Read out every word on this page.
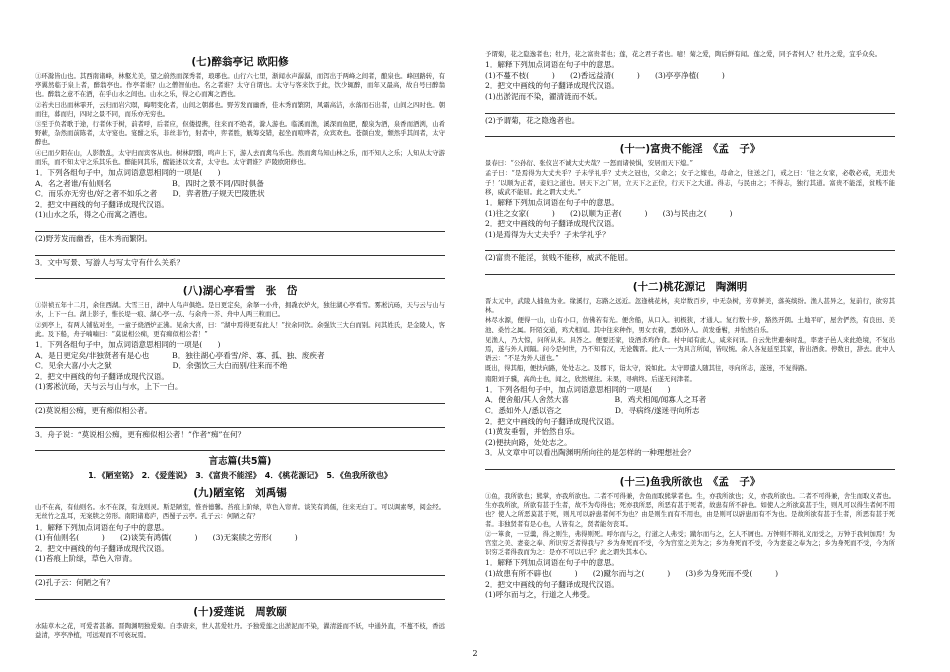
(七)醉翁亭记 欧阳修

①环滁皆山也。其西南诸峰，林壑尤美，望之蔚然而深秀者，琅琊也。山行六七里，渐闻水声潺潺，而泻出于两峰之间者，酿泉也。峰回路转，有亭翼然临于泉上者，醉翁亭也。作亭者谁？山之僧智仙也。名之者谁？太守自谓也。太守与客来饮于此，饮少辄醉，而年又最高，故自号曰醉翁也。醉翁之意不在酒，在乎山水之间也。山水之乐，得之心而寓之酒也。

②若夫日出而林霏开，云归而岩穴暝，晦明变化者，山间之朝暮也。野芳发而幽香，佳木秀而繁阴，风霜高洁，水落而石出者，山间之四时也。朝而往，暮而归，四时之景不同，而乐亦无穷也。

③至于负者歌于途，行者休于树，前者呼，后者应，伛偻提携，往来而不绝者，滁人游也。临溪而渔，溪深而鱼肥，酿泉为酒，泉香而酒洌，山肴野蔌，杂然而前陈者，太守宴也。宴酣之乐，非丝非竹，射者中，弈者胜，觥筹交错，起坐而喧哗者，众宾欢也。苍颜白发，颓然乎其间者，太守醉也。

④已而夕阳在山，人影散乱，太守归而宾客从也。树林阴翳，鸣声上下，游人去而禽鸟乐也。然而禽鸟知山林之乐，而不知人之乐；人知从太守游而乐，而不知太守之乐其乐也。醉能同其乐，醒能述以文者，太守也。太守谓谁？庐陵欧阳修也。

1．下列各组句子中，加点词语意思相同的一项是(　　)

A．名之者谁/有仙则名　　　　　　　　B．四时之景不同/四时俱备

C．而乐亦无穷也/好之者不如乐之者　　D．弈者胜/子规天巴陵胜状

2．把文中画线的句子翻译成现代汉语。

(1)山水之乐，得之心而寓之酒也。

(2)野芳发而幽香，佳木秀而繁阴。

3．文中写景、写游人与写太守有什么关系？

(八)湖心亭看雪　张　岱

①崇祯五年十二月，余住西湖。大雪三日，湖中人鸟声俱绝。是日更定矣，余拏一小舟，拥毳衣炉火，独往湖心亭看雪。雾凇沆砀，天与云与山与水，上下一白。湖上影子，惟长堤一痕、湖心亭一点、与余舟一芥、舟中人两三粒而已。

②到亭上，有两人铺毡对坐，一童子烧酒炉正沸。见余大喜，曰：“湖中焉得更有此人！”拉余同饮。余强饮三大白而别。问其姓氏，是金陵人，客此。及下船，舟子喃喃曰：“莫说相公痴，更有痴似相公者！”

1．下列各组句子中，加点词语意思相同的一项是(　　)

A．是日更定矣/非独贤者有是心也　　　B．独往湖心亭看雪/斧、寡、孤、独、废疾者

C．见余大喜/小大之狱　　　　　　　　D．余强饮三大白而别/往来而不绝

2．把文中画线的句子翻译成现代汉语。

(1)雾凇沆砀，天与云与山与水，上下一白。

(2)莫说相公痴，更有痴似相公者。

3．舟子说：“莫说相公痴，更有痴似相公者！”作者“痴”在何？

言志篇(共5篇)
1．《陋室铭》　2．《爱莲说》　3．《富贵不能淫》　4．《桃花源记》　5．《鱼我所欲也》
(九)陋室铭　刘禹锡

山不在高，有仙则名。水不在深，有龙则灵。斯是陋室，惟吾德馨。苔痕上阶绿，草色入帘青。谈笑有鸿儒，往来无白丁。可以调素琴，阅金经。无丝竹之乱耳，无案牍之劳形。南阳诸葛庐，西蜀子云亭。孔子云：何陋之有？

1．解释下列加点词语在句子中的意思。

(1)有仙则名(　　　)　　(2)谈笑有鸿儒(　　　)　　(3)无案牍之劳形(　　　)

2．把文中画线的句子翻译成现代汉语。

(1)苔痕上阶绿，草色入帘青。

(2)孔子云：何陋之有？

(十)爱莲说　周敦颐

水陆草木之花，可爱者甚蕃。晋陶渊明独爱菊。自李唐来，世人甚爱牡丹。予独爱莲之出淤泥而不染，濯清涟而不妖，中通外直，不蔓不枝，香远益清，亭亭净植，可远观而不可亵玩焉。

予谓菊，花之隐逸者也；牡丹，花之富贵者也；莲，花之君子者也。噫！菊之爱，陶后鲜有闻。莲之爱，同予者何人？牡丹之爱，宜乎众矣。

1．解释下列加点词语在句子中的意思。

(1)不蔓不枝(　　　)　　(2)香远益清(　　　)　　(3)亭亭净植(　　　)

2．把文中画线的句子翻译成现代汉语。

(1)出淤泥而不染，濯清涟而不妖。

(2)予谓菊，花之隐逸者也。

(十一)富贵不能淫　《孟　子》

景春曰：“公孙衍、张仪岂不诚大丈夫哉？一怒而诸侯惧，安居而天下熄。”

孟子曰：“是焉得为大丈夫乎？子未学礼乎？丈夫之冠也，父命之；女子之嫁也，母命之，往送之门，戒之曰：‘往之女家，必敬必戒，无违夫子！’以顺为正者，妾妇之道也。居天下之广居，立天下之正位，行天下之大道。得志，与民由之；不得志，独行其道。富贵不能淫，贫贱不能移，威武不能屈。此之谓大丈夫。”

1．解释下列加点词语在句子中的意思。

(1)往之女家(　　　)　　(2)以顺为正者(　　　)　　(3)与民由之(　　　)

2．把文中画线的句子翻译成现代汉语。

(1)是焉得为大丈夫乎？子未学礼乎？

(2)富贵不能淫，贫贱不能移，威武不能屈。

(十二)桃花源记　陶渊明

晋太元中，武陵人捕鱼为业。缘溪行，忘路之远近。忽逢桃花林，夹岸数百步，中无杂树，芳草鲜美，落英缤纷。渔人甚异之，复前行，欲穷其林。

林尽水源，便得一山，山有小口，仿佛若有光。便舍船，从口入。初极狭，才通人。复行数十步，豁然开朗。土地平旷，屋舍俨然，有良田、美池、桑竹之属。阡陌交通，鸡犬相闻。其中往来种作，男女衣着，悉如外人。黄发垂髫，并怡然自乐。

见渔人，乃大惊，问所从来。具答之。便要还家，设酒杀鸡作食。村中闻有此人，咸来问讯。自云先世避秦时乱，率妻子邑人来此绝境，不复出焉，遂与外人间隔。问今是何世，乃不知有汉，无论魏晋。此人一一为具言所闻，皆叹惋。余人各复延至其家，皆出酒食。停数日，辞去。此中人语云：“不足为外人道也。”

既出，得其船，便扶向路，处处志之。及郡下，诣太守，说如此。太守即遣人随其往，寻向所志，遂迷，不复得路。

南阳刘子骥，高尚士也，闻之，欣然规往。未果，寻病终。后遂无问津者。

1．下列各组句子中，加点词语意思相同的一项是(　　)

A．便舍船/其人舍然大喜　　　　　　B．鸡犬相闻/闻寡人之耳者

C．悉如外人/悉以咨之　　　　　　　D．寻病终/遂迷寻向所志

2．把文中画线的句子翻译成现代汉语。

(1)黄发垂髫，并怡然自乐。

(2)便扶向路，处处志之。

3．从文章中可以看出陶渊明所向往的是怎样的一种理想社会？

(十三)鱼我所欲也　《孟　子》

①鱼，我所欲也；熊掌，亦我所欲也。二者不可得兼，舍鱼而取熊掌者也。生，亦我所欲也；义，亦我所欲也。二者不可得兼，舍生而取义者也。生亦我所欲，所欲有甚于生者，故不为苟得也；死亦我所恶，所恶有甚于死者，故患有所不辟也。如使人之所欲莫甚于生，则凡可以得生者何不用也？使人之所恶莫甚于死，则凡可以辟患者何不为也？由是则生而有不用也，由是则可以辟患而有不为也。是故所欲有甚于生者，所恶有甚于死者。非独贤者有是心也，人皆有之，贤者能勿丧耳。

②一箪食，一豆羹，得之则生，弗得则死。呼尔而与之，行道之人弗受；蹴尔而与之，乞人不屑也。万钟则不辩礼义而受之，万钟于我何加焉！为宫室之美、妻妾之奉、所识穷乏者得我与？乡为身死而不受，今为宫室之美为之；乡为身死而不受，今为妻妾之奉为之；乡为身死而不受，今为所识穷乏者得我而为之：是亦不可以已乎？此之谓失其本心。

1．解释下列加点词语在句子中的意思。

(1)故患有所不辟也(　　　)　　(2)蹴尔而与之(　　　)　　(3)乡为身死而不受(　　　)

2．把文中画线的句子翻译成现代汉语。

(1)呼尔而与之，行道之人弗受。

2
